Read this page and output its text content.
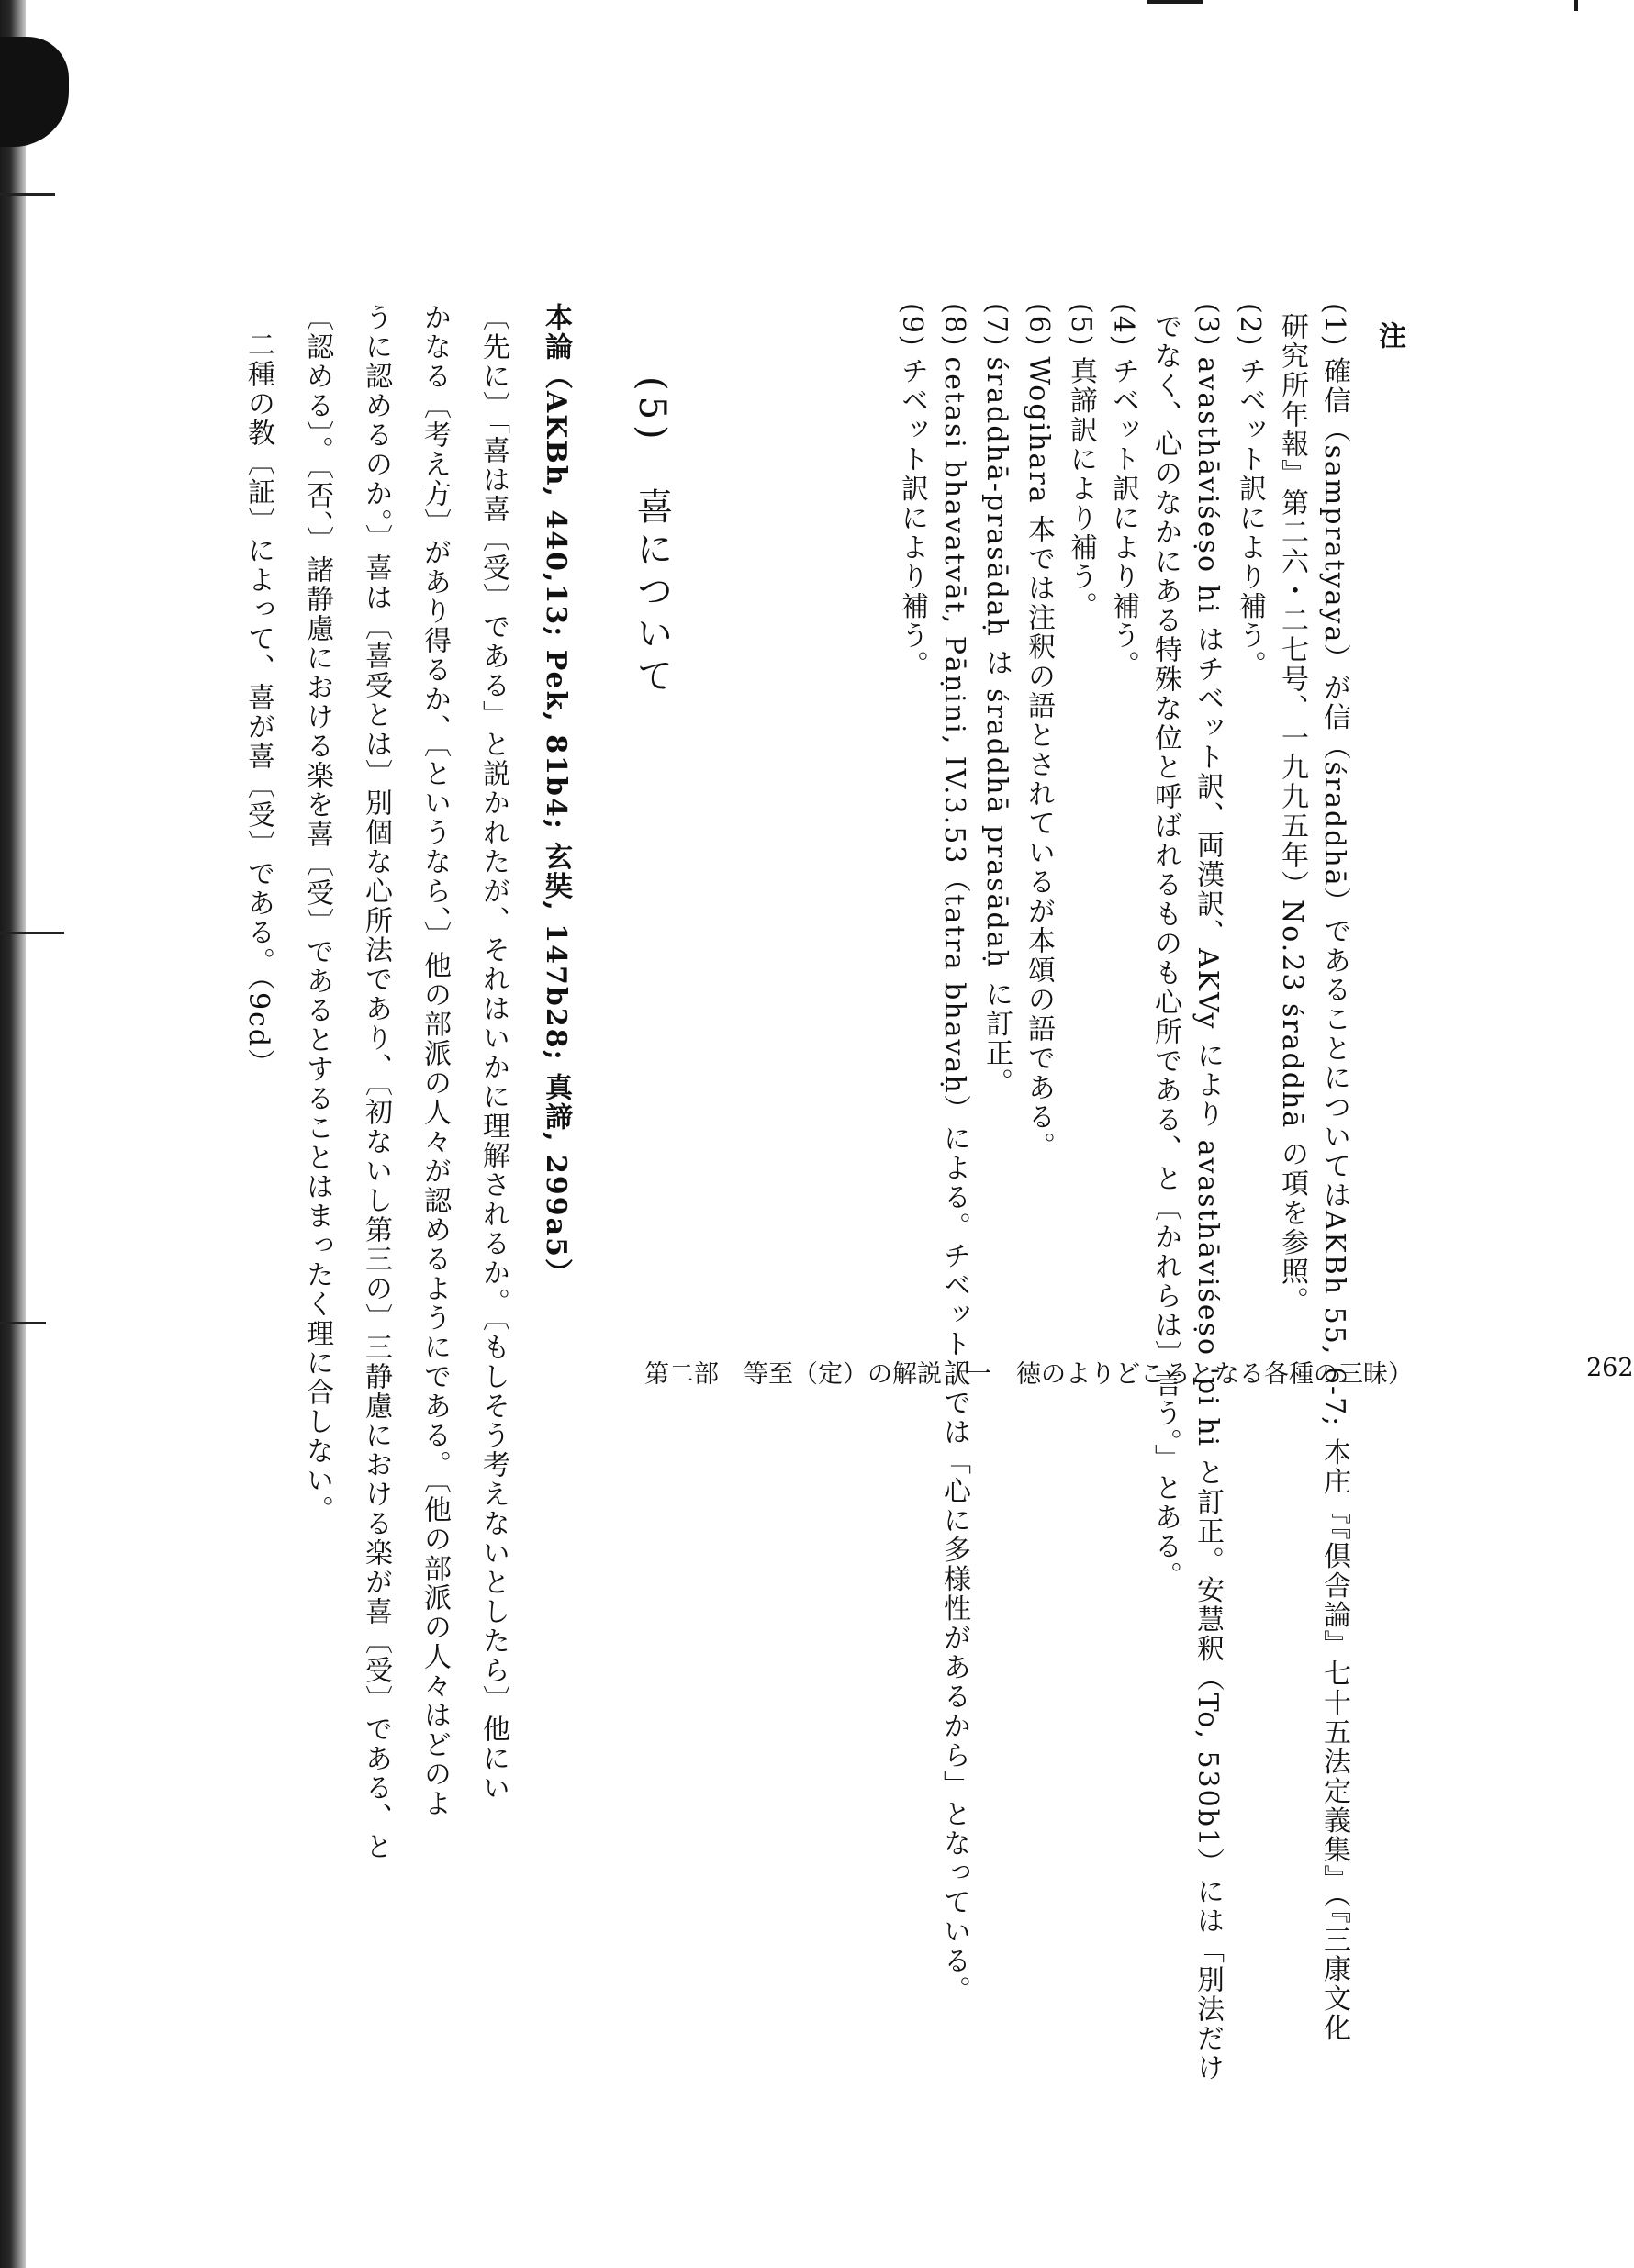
注
(1)確信（sampratyaya）が信（śraddhā）であることについてはAKBh 55, 6-7; 本庄『『倶舎論』七十五法定義集』（『三康文化
研究所年報』第二六・二七号、一九九五年）No.23 śraddhā の項を参照。
(2)チベット訳により補う。
(3)avasthāviśeṣo hi はチベット訳、両漢訳、AKVy により avasthāviśeṣo 'pi hi と訂正。安慧釈（To, 530b1）には「別法だけ
でなく、心のなかにある特殊な位と呼ばれるものも心所である、と〔かれらは〕言う。」とある。
(4)チベット訳により補う。
(5)真諦訳により補う。
(6)Wogihara 本では注釈の語とされているが本頌の語である。
(7)śraddhā-prasādaḥ は śraddhā prasādaḥ に訂正。
(8)cetasi bhavatvāt, Pāṇini, IV.3.53（tatra bhavaḥ）による。チベット訳では「心に多様性があるから」となっている。
(9)チベット訳により補う。
(5)　喜について
本論（AKBh, 440,13; Pek, 81b4; 玄奘, 147b28; 真諦, 299a5）
〔先に〕「喜は喜〔受〕である」と説かれたが、それはいかに理解されるか。〔もしそう考えないとしたら〕他にい
かなる〔考え方〕があり得るか、〔というなら、〕他の部派の人々が認めるようにである。〔他の部派の人々はどのよ
うに認めるのか。〕喜は〔喜受とは〕別個な心所法であり、〔初ないし第三の〕三静慮における楽が喜〔受〕である、と
〔認める〕。〔否、〕諸静慮における楽を喜〔受〕であるとすることはまったく理に合しない。
二種の教〔証〕によって、喜が喜〔受〕である。（9cd）
第二部　等至（定）の解説（一　徳のよりどころとなる各種の三昧）	262
